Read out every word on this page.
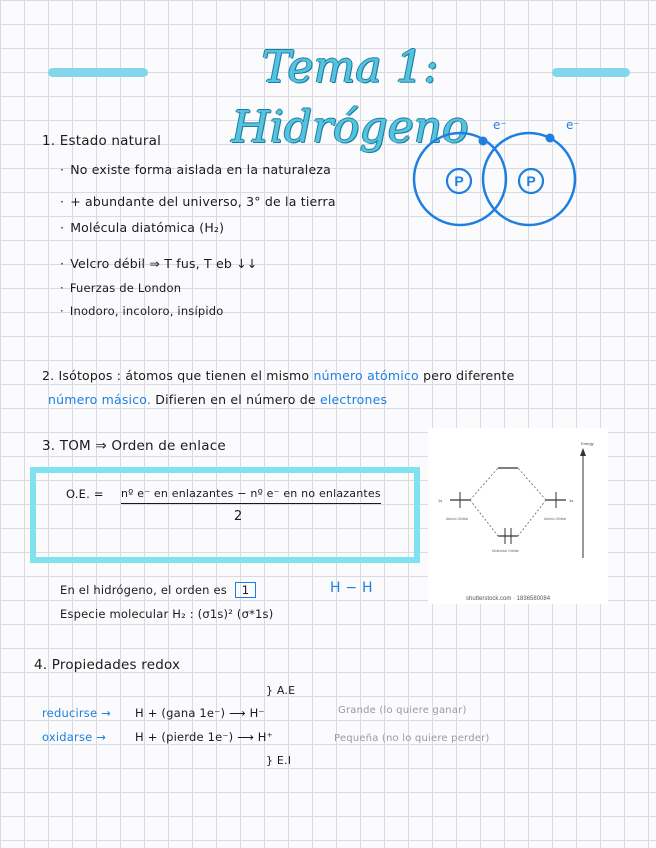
Tema 1: Hidrógeno
1. Estado natural
· No existe forma aislada en la naturaleza
· + abundante del universo, 3° de la tierra
· Molécula diatómica (H₂)
· Velcro débil ⇒ T fus, T eb ↓↓
· Fuerzas de London
· Inodoro, incoloro, insípido
P	P
e⁻	e⁻
2. Isótopos : átomos que tienen el mismo número atómico pero diferente
número másico. Difieren en el número de electrones
3. TOM ⇒ Orden de enlace
O.E. = nº e⁻ en enlazantes − nº e⁻ en no enlazantes
2
Energy
1s	1s
Atomic Orbital	Atomic Orbital
Molecular Orbital
shutterstock.com · 1836580084
En el hidrógeno, el orden es 1	H − H
Especie molecular H₂ : (σ1s)² (σ*1s)
4. Propiedades redox
} A.E
reducirse → H + (gana 1e⁻) ⟶ H⁻	Grande (lo quiere ganar)
oxidarse →	H + (pierde 1e⁻) ⟶ H⁺	Pequeña (no lo quiere perder)
} E.I
